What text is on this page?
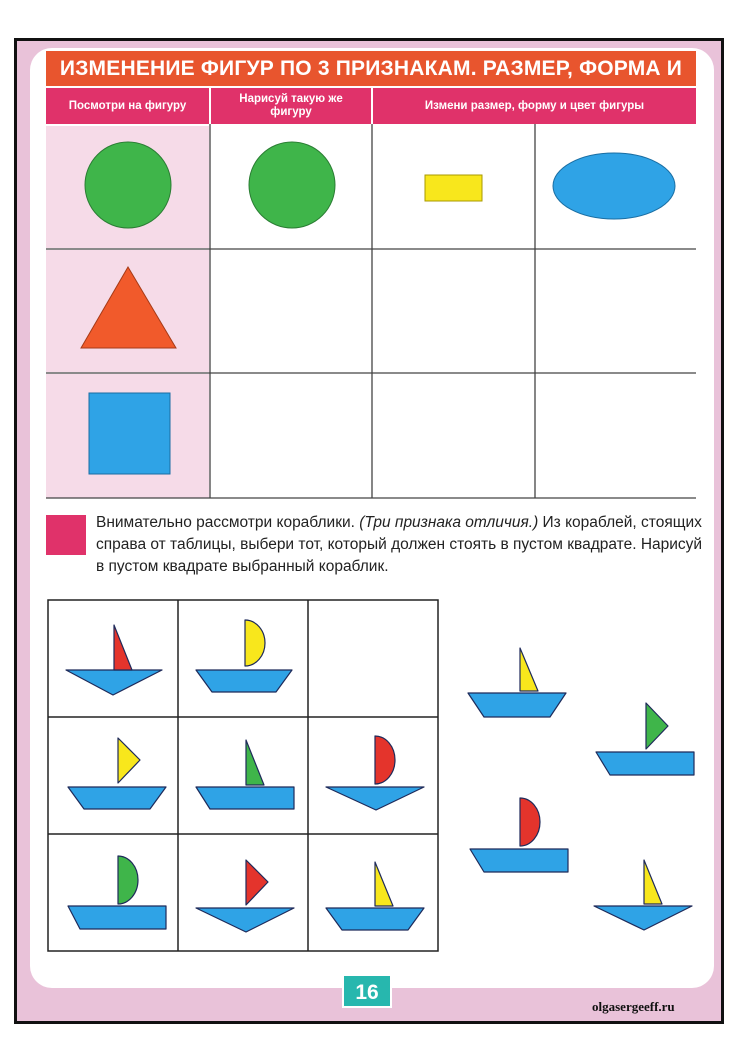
ИЗМЕНЕНИЕ ФИГУР ПО 3 ПРИЗНАКАМ. РАЗМЕР, ФОРМА И
Посмотри на фигуру
Нарисуй такую же фигуру
Измени размер, форму и цвет фигуры
Внимательно рассмотри кораблики. (Три признака отличия.) Из кораблей, стоящих справа от таблицы, выбери тот, который должен стоять в пустом квадрате. Нарисуй в пустом квадрате выбранный кораблик.
16
olgasergeeff.ru
